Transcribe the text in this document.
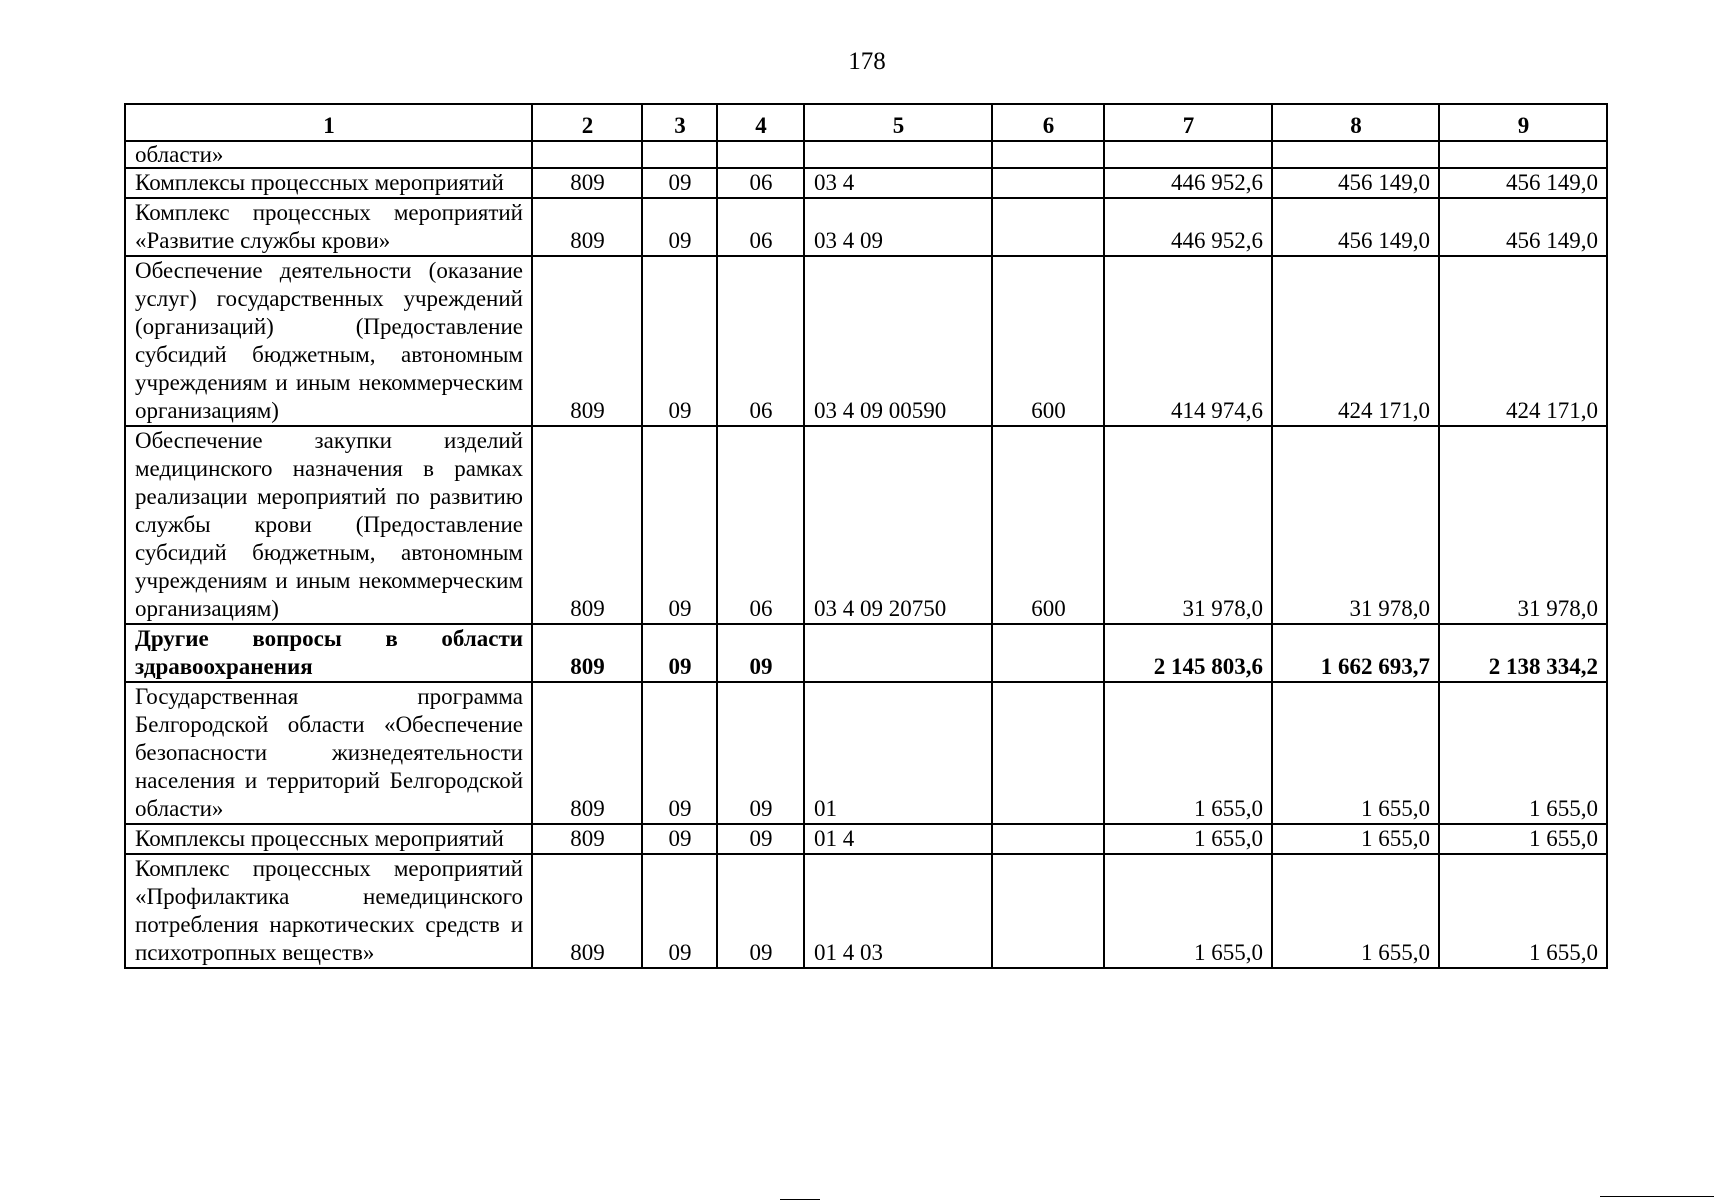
178
1	2	3	4	5	6	7	8	9
области»								
Комплексы процессных мероприятий	809	09	06	03 4		446 952,6	456 149,0	456 149,0
Комплекс процессных мероприятий «Развитие службы крови»	809	09	06	03 4 09		446 952,6	456 149,0	456 149,0
Обеспечение деятельности (оказание услуг) государственных учреждений (организаций) (Предоставление субсидий бюджетным, автономным учреждениям и иным некоммерческим организациям)	809	09	06	03 4 09 00590	600	414 974,6	424 171,0	424 171,0
Обеспечение закупки изделий медицинского назначения в рамках реализации мероприятий по развитию службы крови (Предоставление субсидий бюджетным, автономным учреждениям и иным некоммерческим организациям)	809	09	06	03 4 09 20750	600	31 978,0	31 978,0	31 978,0
Другие вопросы в области здравоохранения	809	09	09			2 145 803,6	1 662 693,7	2 138 334,2
Государственная программа Белгородской области «Обеспечение безопасности жизнедеятельности населения и территорий Белгородской области»	809	09	09	01		1 655,0	1 655,0	1 655,0
Комплексы процессных мероприятий	809	09	09	01 4		1 655,0	1 655,0	1 655,0
Комплекс процессных мероприятий «Профилактика немедицинского потребления наркотических средств и психотропных веществ»	809	09	09	01 4 03		1 655,0	1 655,0	1 655,0
